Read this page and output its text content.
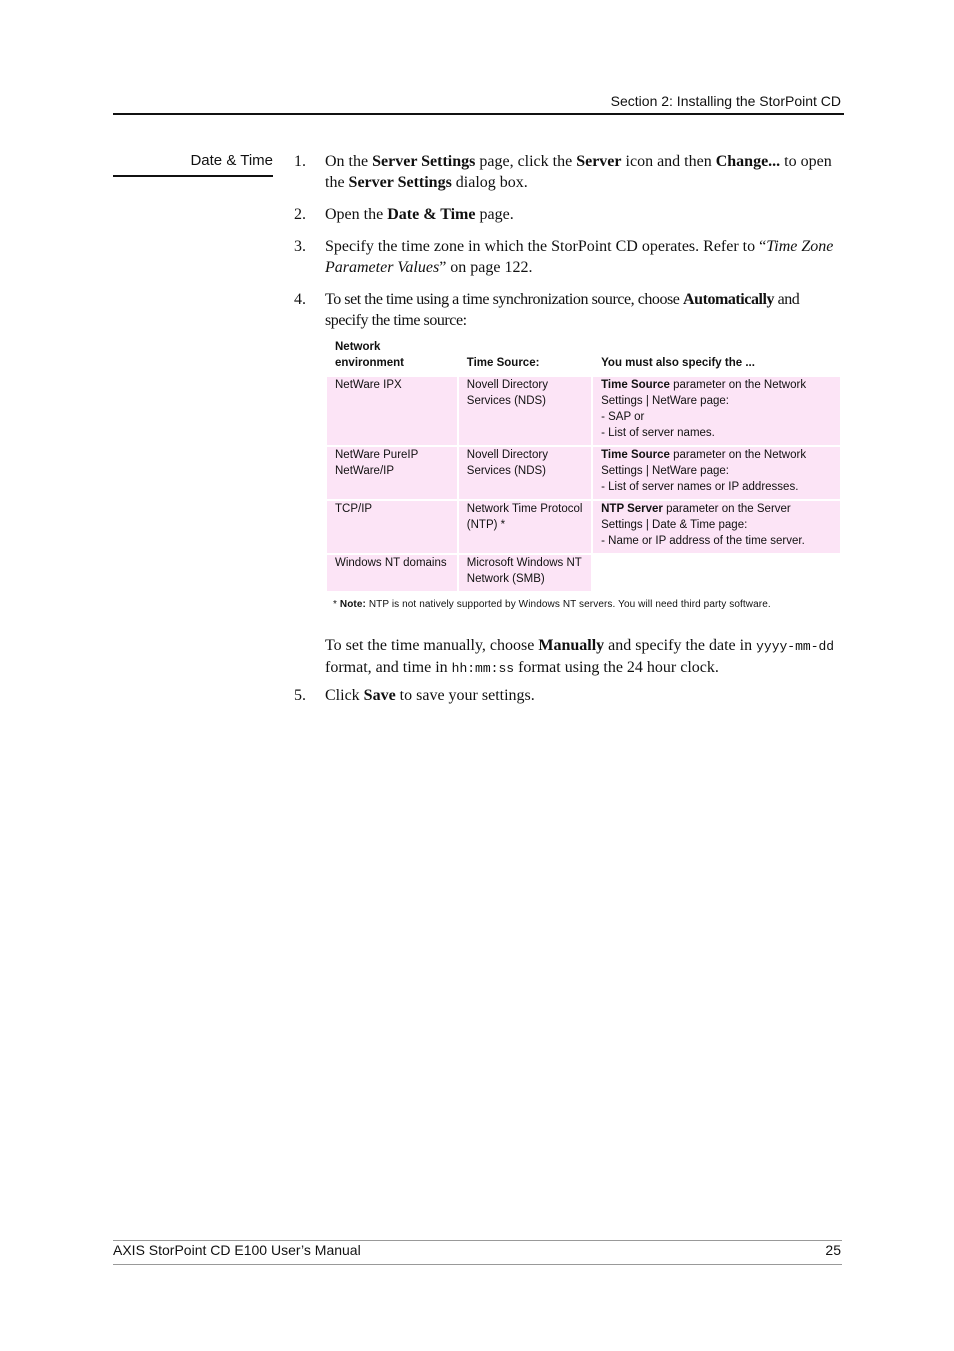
Section 2: Installing the StorPoint CD
Date & Time 1.	On the Server Settings page, click the Server icon and then Change... to open the Server Settings dialog box.
2.	Open the Date & Time page.
3.	Specify the time zone in which the StorPoint CD operates. Refer to “Time Zone Parameter Values” on page 122.
4.	To set the time using a time synchronization source, choose Automatically and specify the time source:
Network environment	Time Source:	You must also specify the ...
NetWare IPX	Novell Directory Services (NDS)	Time Source parameter on the Network Settings | NetWare page:
- SAP or
- List of server names.
NetWare PureIP NetWare/IP	Novell Directory Services (NDS)	Time Source parameter on the Network Settings | NetWare page:
- List of server names or IP addresses.
TCP/IP	Network Time Protocol (NTP) *	NTP Server parameter on the Server Settings | Date & Time page:
- Name or IP address of the time server.
Windows NT domains	Microsoft Windows NT Network (SMB)	
* Note: NTP is not natively supported by Windows NT servers. You will need third party software.
To set the time manually, choose Manually and specify the date in yyyy-mm-dd format, and time in hh:mm:ss format using the 24 hour clock.
5.	Click Save to save your settings.
AXIS StorPoint CD E100 User’s Manual	25
